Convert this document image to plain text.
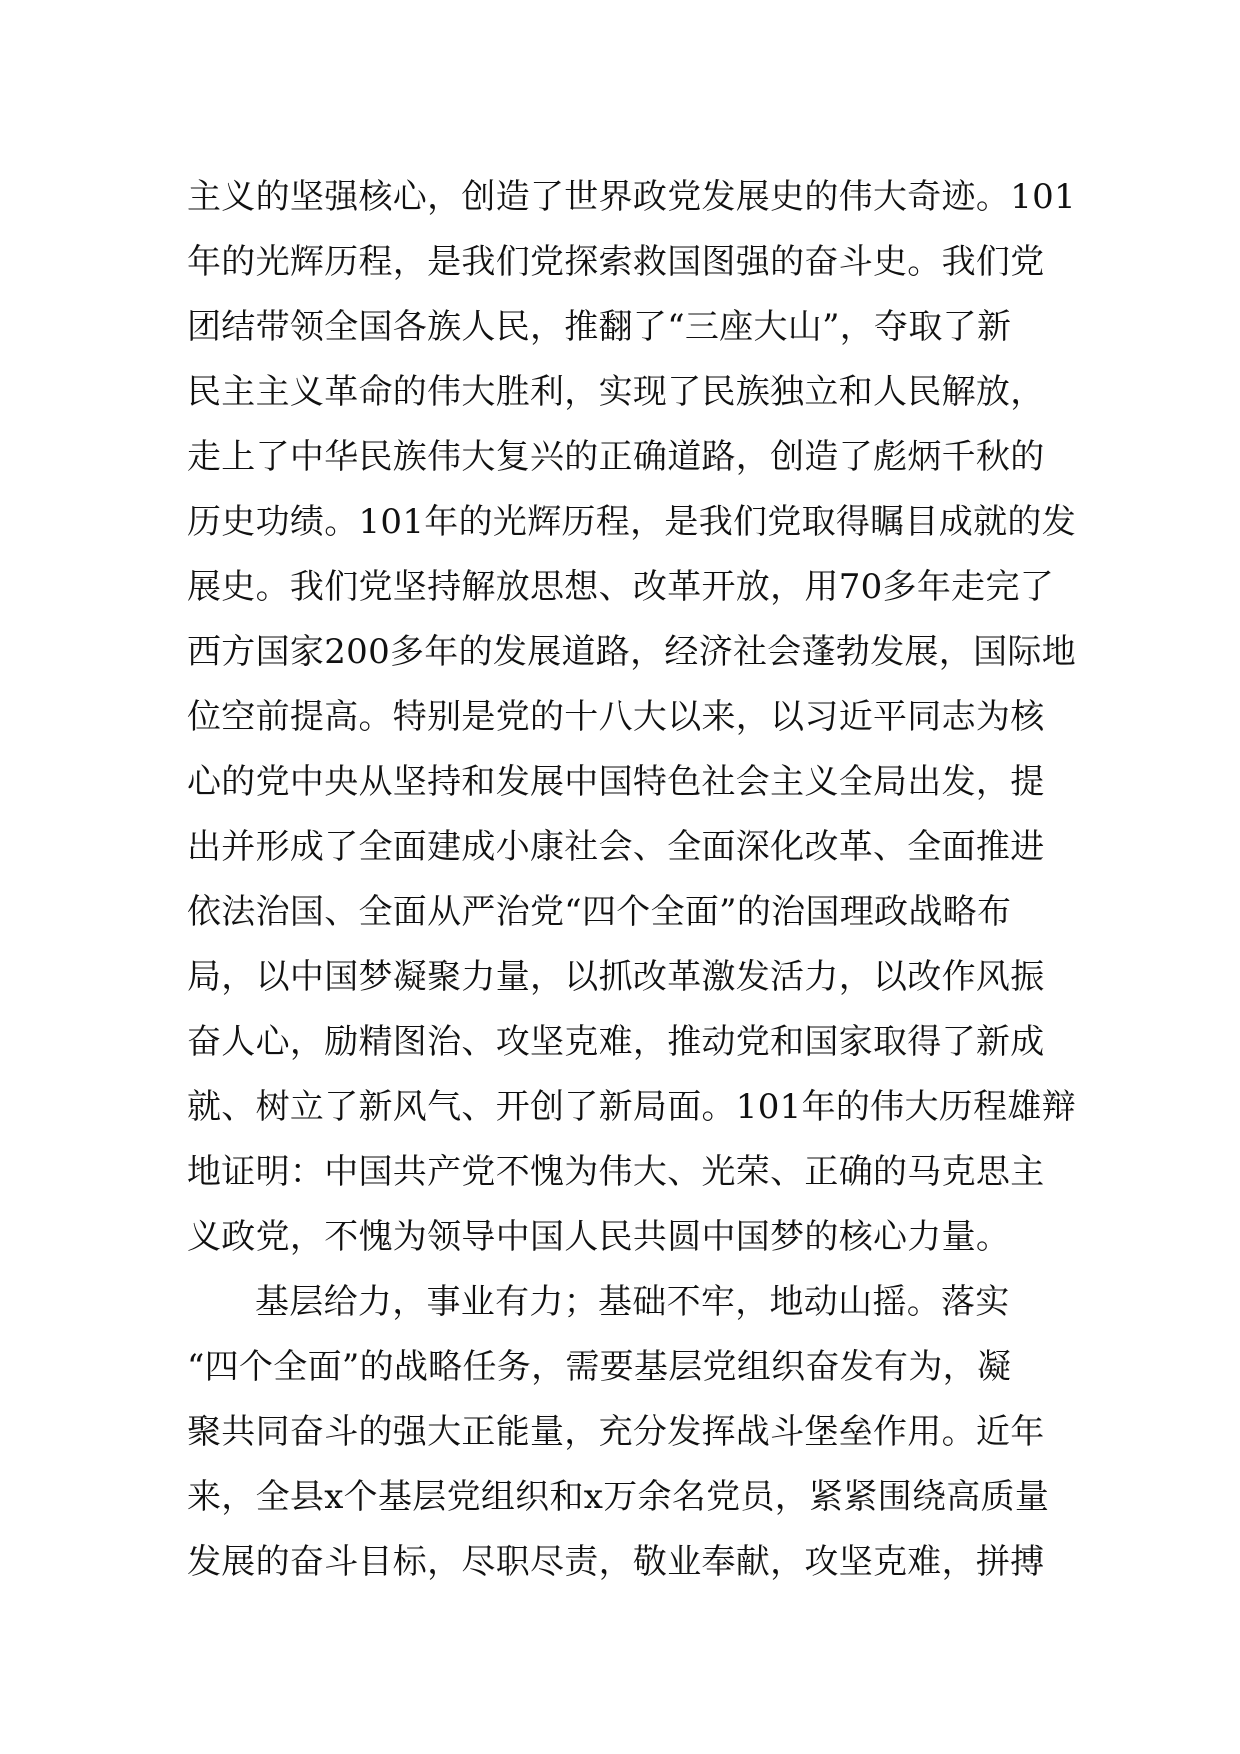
主义的坚强核心，创造了世界政党发展史的伟大奇迹。101
年的光辉历程，是我们党探索救国图强的奋斗史。我们党
团结带领全国各族人民，推翻了“三座大山”，夺取了新
民主主义革命的伟大胜利，实现了民族独立和人民解放，
走上了中华民族伟大复兴的正确道路，创造了彪炳千秋的
历史功绩。101年的光辉历程，是我们党取得瞩目成就的发
展史。我们党坚持解放思想、改革开放，用70多年走完了
西方国家200多年的发展道路，经济社会蓬勃发展，国际地
位空前提高。特别是党的十八大以来，以习近平同志为核
心的党中央从坚持和发展中国特色社会主义全局出发，提
出并形成了全面建成小康社会、全面深化改革、全面推进
依法治国、全面从严治党“四个全面”的治国理政战略布
局，以中国梦凝聚力量，以抓改革激发活力，以改作风振
奋人心，励精图治、攻坚克难，推动党和国家取得了新成
就、树立了新风气、开创了新局面。101年的伟大历程雄辩
地证明：中国共产党不愧为伟大、光荣、正确的马克思主
义政党，不愧为领导中国人民共圆中国梦的核心力量。
基层给力，事业有力；基础不牢，地动山摇。落实
“四个全面”的战略任务，需要基层党组织奋发有为，凝
聚共同奋斗的强大正能量，充分发挥战斗堡垒作用。近年
来，全县x个基层党组织和x万余名党员，紧紧围绕高质量
发展的奋斗目标，尽职尽责，敬业奉献，攻坚克难，拼搏
